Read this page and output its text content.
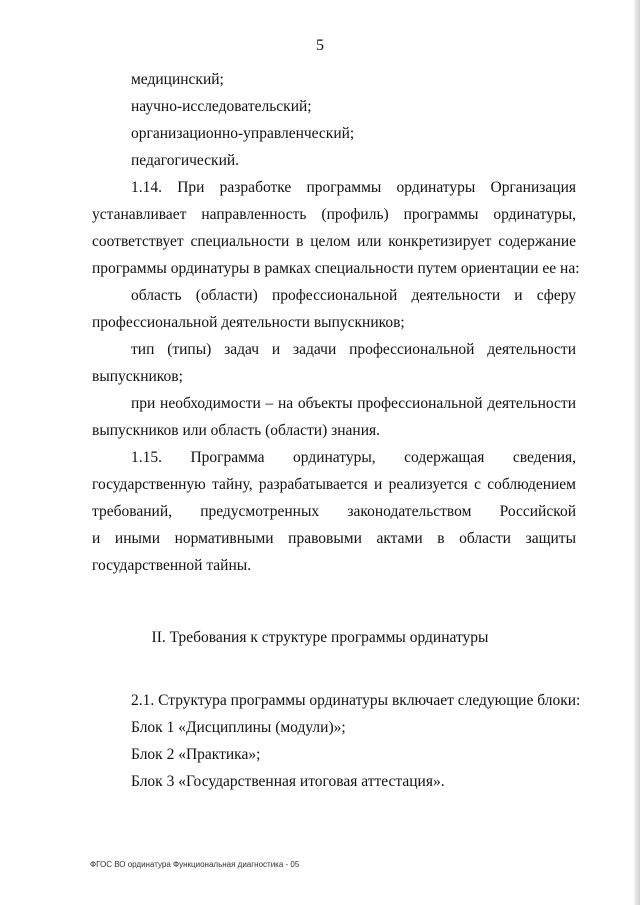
5
медицинский;
научно-исследовательский;
организационно-управленческий;
педагогический.
1.14. При разработке программы ординатуры Организация
устанавливает направленность (профиль) программы ординатуры,
соответствует специальности в целом или конкретизирует содержание
программы ординатуры в рамках специальности путем ориентации ее на:
область (области) профессиональной деятельности и сферу
профессиональной деятельности выпускников;
тип (типы) задач и задачи профессиональной деятельности
выпускников;
при необходимости – на объекты профессиональной деятельности
выпускников или область (области) знания.
1.15. Программа ординатуры, содержащая сведения,
государственную тайну, разрабатывается и реализуется с соблюдением
требований, предусмотренных законодательством Российской
и иными нормативными правовыми актами в области защиты
государственной тайны.
II. Требования к структуре программы ординатуры
2.1. Структура программы ординатуры включает следующие блоки:
Блок 1 «Дисциплины (модули)»;
Блок 2 «Практика»;
Блок 3 «Государственная итоговая аттестация».
ФГОС ВО ординатура Функциональная диагностика - 05
